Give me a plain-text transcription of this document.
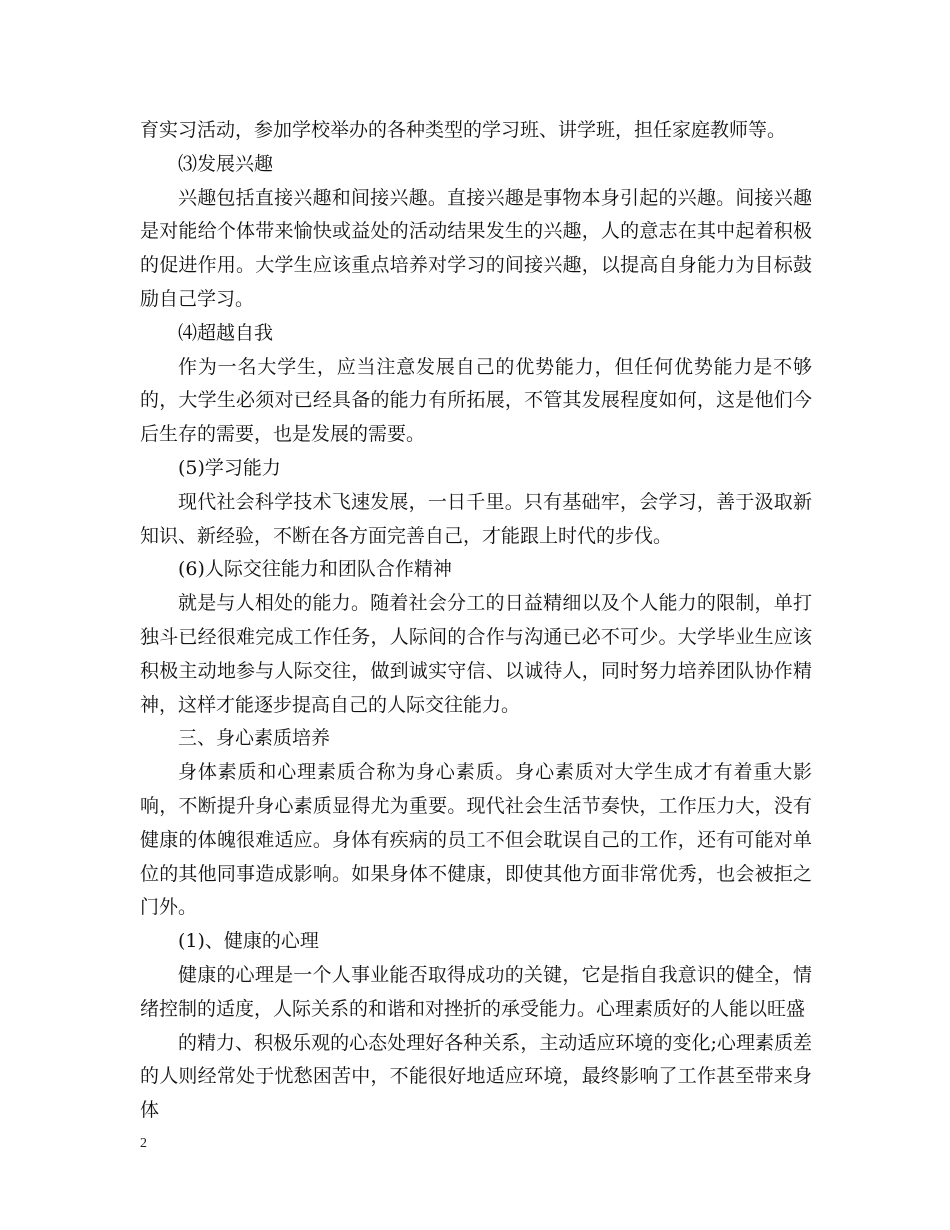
育实习活动，参加学校举办的各种类型的学习班、讲学班，担任家庭教师等。

⑶发展兴趣

兴趣包括直接兴趣和间接兴趣。直接兴趣是事物本身引起的兴趣。间接兴趣是对能给个体带来愉快或益处的活动结果发生的兴趣，人的意志在其中起着积极的促进作用。大学生应该重点培养对学习的间接兴趣，以提高自身能力为目标鼓励自己学习。

⑷超越自我

作为一名大学生，应当注意发展自己的优势能力，但任何优势能力是不够的，大学生必须对已经具备的能力有所拓展，不管其发展程度如何，这是他们今后生存的需要，也是发展的需要。

(5)学习能力

现代社会科学技术飞速发展，一日千里。只有基础牢，会学习，善于汲取新知识、新经验，不断在各方面完善自己，才能跟上时代的步伐。

(6)人际交往能力和团队合作精神

就是与人相处的能力。随着社会分工的日益精细以及个人能力的限制，单打独斗已经很难完成工作任务，人际间的合作与沟通已必不可少。大学毕业生应该积极主动地参与人际交往，做到诚实守信、以诚待人，同时努力培养团队协作精神，这样才能逐步提高自己的人际交往能力。

三、身心素质培养

身体素质和心理素质合称为身心素质。身心素质对大学生成才有着重大影响，不断提升身心素质显得尤为重要。现代社会生活节奏快，工作压力大，没有健康的体魄很难适应。身体有疾病的员工不但会耽误自己的工作，还有可能对单位的其他同事造成影响。如果身体不健康，即使其他方面非常优秀，也会被拒之门外。

(1)、健康的心理

健康的心理是一个人事业能否取得成功的关键，它是指自我意识的健全，情绪控制的适度，人际关系的和谐和对挫折的承受能力。心理素质好的人能以旺盛

的精力、积极乐观的心态处理好各种关系，主动适应环境的变化;心理素质差的人则经常处于忧愁困苦中，不能很好地适应环境，最终影响了工作甚至带来身体

2
